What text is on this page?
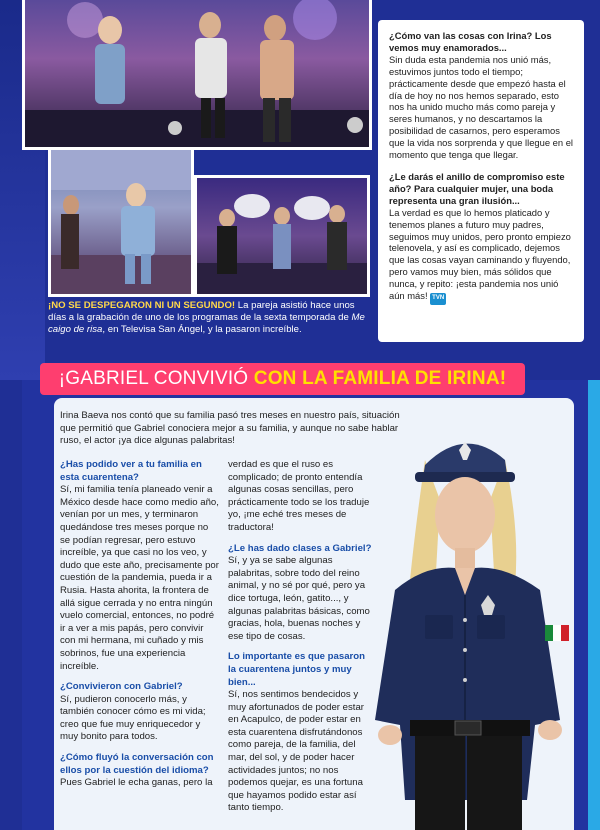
¡NO SE DESPEGARON NI UN SEGUNDO! La pareja asistió hace unos días a la grabación de uno de los programas de la sexta temporada de Me caigo de risa, en Televisa San Ángel, y la pasaron increíble.
¿Cómo van las cosas con Irina? Los vemos muy enamorados...
Sin duda esta pandemia nos unió más, estuvimos juntos todo el tiempo; prácticamente desde que empezó hasta el día de hoy no nos hemos separado, esto nos ha unido mucho más como pareja y seres humanos, y no descartamos la posibilidad de casarnos, pero esperamos que la vida nos sorprenda y que llegue en el momento que tenga que llegar.
¿Le darás el anillo de compromiso este año? Para cualquier mujer, una boda representa una gran ilusión...
La verdad es que lo hemos platicado y tenemos planes a futuro muy padres, seguimos muy unidos, pero pronto empiezo telenovela, y así es complicado, dejemos que las cosas vayan caminando y fluyendo, pero vamos muy bien, más sólidos que nunca, y repito: ¡esta pandemia nos unió aún más! TVN
¡GABRIEL CONVIVIÓ CON LA FAMILIA DE IRINA!
Irina Baeva nos contó que su familia pasó tres meses en nuestro país, situación que permitió que Gabriel conociera mejor a su familia, y aunque no sabe hablar ruso, el actor ¡ya dice algunas palabritas!
¿Has podido ver a tu familia en esta cuarentena?
Sí, mi familia tenía planeado venir a México desde hace como medio año, venían por un mes, y terminaron quedándose tres meses porque no se podían regresar, pero estuvo increíble, ya que casi no los veo, y dudo que este año, precisamente por cuestión de la pandemia, pueda ir a Rusia. Hasta ahorita, la frontera de allá sigue cerrada y no entra ningún vuelo comercial, entonces, no podré ir a ver a mis papás, pero convivir con mi hermana, mi cuñado y mis sobrinos, fue una experiencia increíble.
¿Convivieron con Gabriel?
Sí, pudieron conocerlo más, y también conocer cómo es mi vida; creo que fue muy enriquecedor y muy bonito para todos.
¿Cómo fluyó la conversación con ellos por la cuestión del idioma?
Pues Gabriel le echa ganas, pero la
verdad es que el ruso es complicado; de pronto entendía algunas cosas sencillas, pero prácticamente todo se los traduje yo, ¡me eché tres meses de traductora!
¿Le has dado clases a Gabriel?
Sí, y ya se sabe algunas palabritas, sobre todo del reino animal, y no sé por qué, pero ya dice tortuga, león, gatito..., y algunas palabritas básicas, como gracias, hola, buenas noches y ese tipo de cosas.
Lo importante es que pasaron la cuarentena juntos y muy bien...
Sí, nos sentimos bendecidos y muy afortunados de poder estar en Acapulco, de poder estar en esta cuarentena disfrutándonos como pareja, de la familia, del mar, del sol, y de poder hacer actividades juntos; no nos podemos quejar, es una fortuna que hayamos podido estar así tanto tiempo.
